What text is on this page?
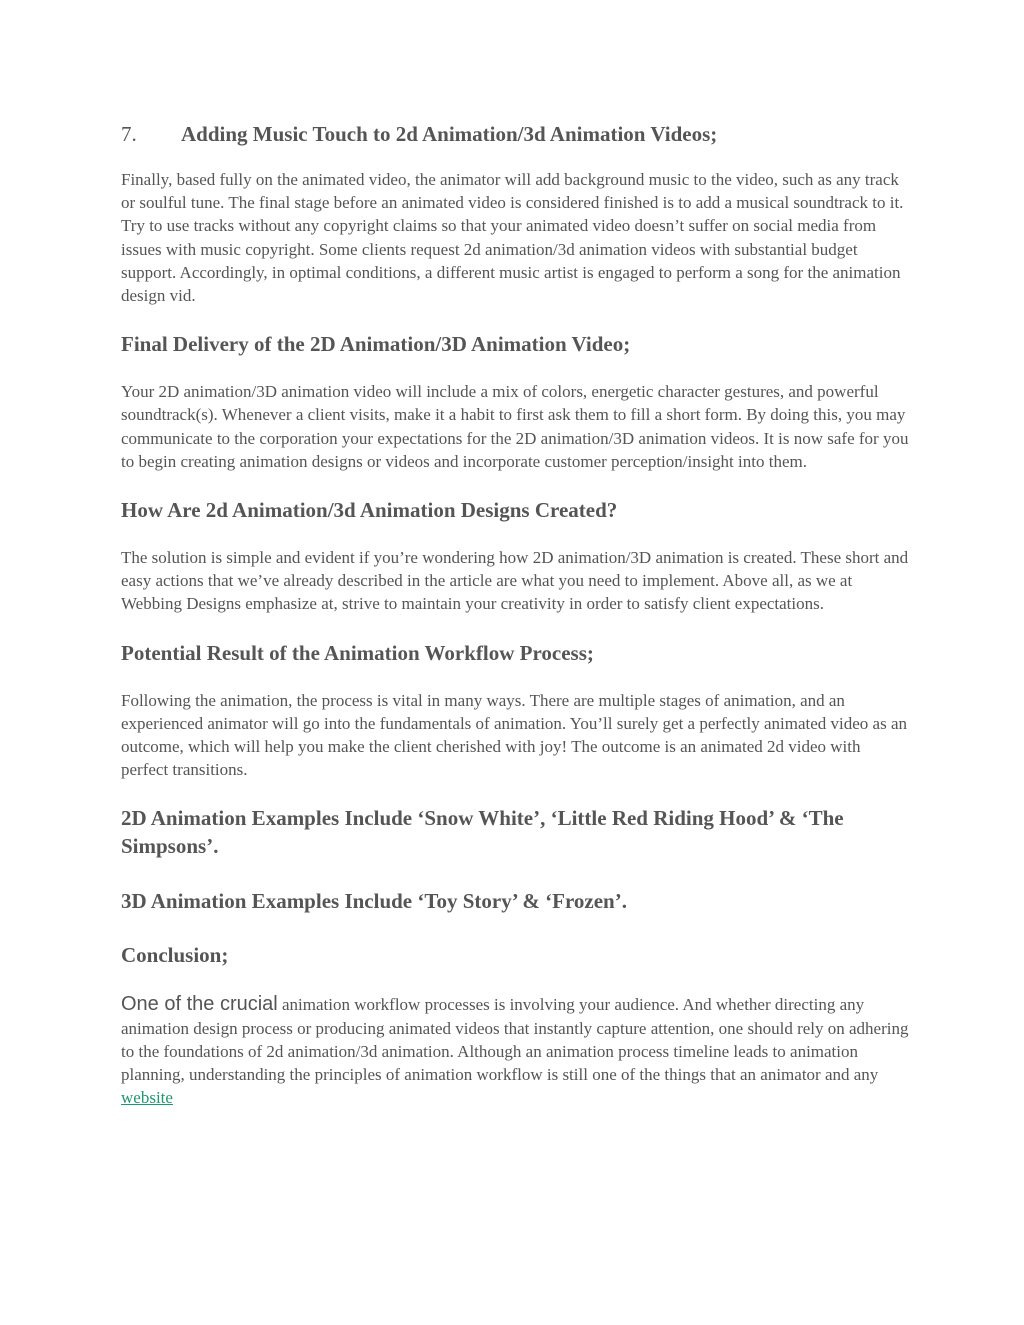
7.	Adding Music Touch to 2d Animation/3d Animation Videos;

Finally, based fully on the animated video, the animator will add background music to the video, such as any track or soulful tune. The final stage before an animated video is considered finished is to add a musical soundtrack to it. Try to use tracks without any copyright claims so that your animated video doesn’t suffer on social media from issues with music copyright. Some clients request 2d animation/3d animation videos with substantial budget support. Accordingly, in optimal conditions, a different music artist is engaged to perform a song for the animation design vid.

Final Delivery of the 2D Animation/3D Animation Video;

Your 2D animation/3D animation video will include a mix of colors, energetic character gestures, and powerful soundtrack(s). Whenever a client visits, make it a habit to first ask them to fill a short form. By doing this, you may communicate to the corporation your expectations for the 2D animation/3D animation videos. It is now safe for you to begin creating animation designs or videos and incorporate customer perception/insight into them.

How Are 2d Animation/3d Animation Designs Created?

The solution is simple and evident if you’re wondering how 2D animation/3D animation is created. These short and easy actions that we’ve already described in the article are what you need to implement. Above all, as we at Webbing Designs emphasize at, strive to maintain your creativity in order to satisfy client expectations.

Potential Result of the Animation Workflow Process;

Following the animation, the process is vital in many ways. There are multiple stages of animation, and an experienced animator will go into the fundamentals of animation. You’ll surely get a perfectly animated video as an outcome, which will help you make the client cherished with joy! The outcome is an animated 2d video with perfect transitions.

2D Animation Examples Include ‘Snow White’, ‘Little Red Riding Hood’ & ‘The Simpsons’.
3D Animation Examples Include ‘Toy Story’ & ‘Frozen’.
Conclusion;

One of the crucial animation workflow processes is involving your audience. And whether directing any animation design process or producing animated videos that instantly capture attention, one should rely on adhering to the foundations of 2d animation/3d animation. Although an animation process timeline leads to animation planning, understanding the principles of animation workflow is still one of the things that an animator and any website
